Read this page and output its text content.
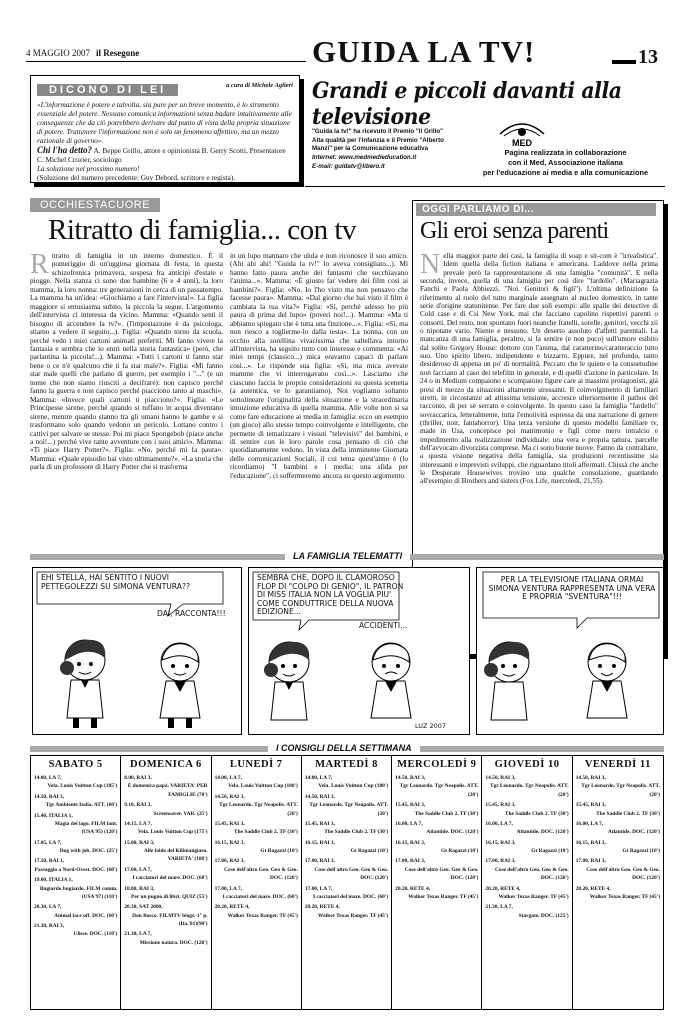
4 MAGGIO 2007 il Resegone	GUIDA LA TV!	13
Grandi e piccoli davanti alla televisione
DICONO DI LEI	a cura di Michele Aglieri

«L'informazione è potere e talvolta, sia pure per un breve momento, è lo strumento essenziale del potere. Nessuno comunica informazioni senza badare intuitivamente alle conseguenze che da ciò potrebbero derivare dal punto di vista della propria situazione di potere. Trattenere l'informazione non è solo un fenomeno affettivo, ma un mezzo razionale di governo».

Chi l'ha detto? A. Beppe Grillo, attore e opinionista B. Gerry Scotti, Presentatore C. Michel Crozier, sociologo

La soluzione nel prossimo numero!

(Soluzione del numero precedente: Guy Debord, scrittore e regista).

"Guida la tv!" ha ricevuto il Premio "Il Grillo"
Alta qualità per l'infanzia e il Premio "Alberto
Manzi" per la Comunicazione educativa
Internet: www.medmedieducation.it
E-mail: guidatv@libero.it
MED
Pagina realizzata in collaborazione
con il Med, Associazione italiana
per l'educazione ai media e alla comunicazione
OCCHIESTACUORE
Ritratto di famiglia... con tv
Ritratto di famiglia in un interno domestico. È il pomeriggio di un'uggiosa giornata di festa, in questa schizofrenica primavera, sospesa fra anticipi d'estate e piogge. Nella stanza ci sono due bambine (6 e 4 anni), la loro mamma, la loro nonna: tre generazioni in cerca di un passatempo. La mamma ha un'idea: «Giochiamo a fare l'intervista!». La figlia maggiore si entusiasma subito, la piccola la segue. L'argomento dell'intervista ci interessa da vicino. Mamma: «Quando senti il bisogno di accendere la tv?». (l'impostazione è da psicologa, stiamo a vedere il seguito...). Figlia: «Quando torno da scuola, perché vedo i miei cartoni animati preferiti. Mi fanno vivere la fantasia e sembra che io entri nella storia fantastica» (però, che parlantina la piccola!...). Mamma: «Tutti i cartoni ti fanno star bene o ce n'è qualcuno che ti fa star male?». Figlia: «Mi fanno star male quelli che parlano di guerre, per esempio i "..." (e un nome che non siamo riusciti a decifrare): non capisco perché fanno la guerra e non capisco perché piacciono tanto ai maschi». Mamma: «Invece quali cartoni ti piacciono?». Figlia: «Le Principesse sirene, perché quando si tuffano in acqua diventano sirene, mentre quando stanno tra gli umani hanno le gambe e si trasformano solo quando vedono un pericolo. Lottano contro i cattivi per salvare se stesse. Poi mi piace Spongebob (piace anche a noi!...) perché vive tante avventure con i suoi amici». Mamma: «Ti piace Harry Potter?». Figlia: «No, perché mi fa paura». Mamma: «Quale episodio hai visto ultimamente?». «La storia che parla di un professore di Harry Potter che si trasforma
in un lupo mannaro che ulula e non riconosce il suo amico. (Ahi ahi ahi! "Guida la tv!" lo aveva consigliato...). Mi hanno fatto paura anche dei fantasmi che succhiavano l'anima...». Mamma: «È giusto far vedere dei film così ai bambini?». Figlia: «No. Io l'ho visto ma non pensavo che facesse paura». Mamma: «Dal giorno che hai visto il film è cambiata la tua vita?» Figlia: «Sì, perché adesso ho più paura di prima del lupo» (poveri noi!...). Mamma: «Ma ti abbiamo spiegato che è tutta una finzione...». Figlia: «Sì, ma non riesco a toglierme-lo dalla testa». La nonna, con un occhio alla sorellina vivacissima che saltellava intorno all'intervista, ha seguito tutto con interesse e commenta: «Ai miei tempi (classico...) mica eravamo capaci di parlare così...». Le risponde sua figlia: «Sì, ma mica avevate mamme che vi interrogavano così...». Lasciamo che ciascuno faccia le proprie considerazioni su questa scenetta (a autentica, ve lo garantiamo). Noi vogliamo soltanto sottolineare l'originalità della situazione e la straordinaria intuizione educativa di quella mamma. Alle volte non si sa come fare educazione ai media in famiglia: ecco un esempio (un gioco) allo stesso tempo coinvolgente e intelligente, che permette di tematizzare i vissuti "televisivi" dei bambini, e di sentire con le loro parole cosa pensano di ciò che quotidianamente vedono. In vista della imminente Giornata delle comunicazioni Sociali, il cui tema quest'anno è (lo ricordiamo) "I bambini e i media: una sfida per l'educazione", ci soffermeremo ancora su questo argomento.
OGGI PARLIAMO DI...
Gli eroi senza parenti
Nella maggior parte dei casi, la famiglia di soap e sit-com è "irrealistica". Idem quella della fiction italiana e americana. Laddove nella prima prevale però la rappresentazione di una famiglia "comunità". E nella seconda, invece, quella di una famiglia per così dire "fardello". (Mariagrazia Fanchi e Paola Abbiezzi, "Noi. Genitori & figli"). L'ultima definizione fa riferimento al ruolo del tutto marginale assegnato al nucleo domestico, in tante serie d'origine statunitense. Per fare due soli esempi: alle spalle dei detective di Cold case e di Csi New York, mai che facciano capolino rispettivi parenti o consorti. Del resto, non spuntano fuori neanche fratelli, sorelle, genitori, vecchi zii o nipotane vario. Niente e nessuno. Un deserto assoluto d'affetti parentali. La mancanza di una famiglia, peraltro, si fa sentire (e non poco) sull'umore esibito dal solito Gregory House: dottore con l'anima, dal caratterino/caratteraccio tutto suo. Uno spirito libero, indipendente e bizzarro. Eppure, nel profondo, tanto desideroso di appena un po' di normalità. Peccato che le quiete e la consuetudine non facciano al caso dei telefilm in generale, e di quelli d'azione in particolare. In 24 o in Medium compaiono e scompaiono figure care ai massimi protagonisti, già presi di mezzo da situazioni altamente stressanti. Il coinvolgimento di familiari stretti, in circostanze ad altissima tensione, accresce ulteriormente il pathos del racconto, di per sé serrato e coinvolgente. In questo caso la famiglia "fardello" sovraccarica, letteralmente, tutta l'emotività espressa da una narrazione di genere (thriller, noir, fantahorror). Una terza versione di questo modello familiare tv, made in Usa, concepisce poi matrimonio e figli come mero intralcio e impedimento alla realizzazione individuale: una vera e propria tattura, parcelle dell'avvocato divorzista comprese. Ma ci sono buone nuove. Fanno da contraltare, a questa visione negativa della famiglia, sia produzioni recentissime sia interessanti e imprevisti sviluppi, che riguardano titoli affermati. Chissà che anche le Desperate Housewives trovino una qualche consolazione, guardando all'esempio di Brothers and sisters (Fox Life, mercoledì, 21,55).
LA FAMIGLIA TELEMATTI
EHI STELLA, HAI SENTITO I NUOVI PETTEGOLEZZI SU SIMONA VENTURA??
DAI, RACCONTA!!!
SEMBRA CHE, DOPO IL CLAMOROSO FLOP DI "COLPO DI GENIO", IL PATRON DI MISS ITALIA NON LA VOGLIA PIU' COME CONDUTTRICE DELLA NUOVA EDIZIONE...
ACCIDENTI...
LUZ 2007
PER LA TELEVISIONE ITALIANA ORMAI SIMONA VENTURA RAPPRESENTA UNA VERA E PROPRIA "SVENTURA"!!!
I CONSIGLI DELLA SETTIMANA
SABATO 5
14.00, LA 7,
Vela. Louis Vuitton Cup (185')
14.50, RAI 3,
Tgr Ambiente Italia. ATT. (60')
15.40, ITALIA 1,
Magia del lago. FILM fant. (USA'95) (120')
17.05, LA 7,
Dog with job. DOC. (25')
17.50, RAI 1,
Passaggio a Nord-Ovest. DOC. (60')
19.00, ITALIA 1,
Bugiardo bugiardo. FILM comm. (USA'97) (110')
20.30, LA 7,
Animal face off. DOC. (60')
21.30, RAI 3,
Ulisse. DOC. (110')
DOMENICA 6
8.00, RAI 3,
È domenica papà. VARIETA' PER FAMIGLIE (70')
9.10, RAI 3,
Screensaver. VAR. (25')
14.15, LA 7,
Vela. Louis Vuitton Cup (175')
15.00, RAI 3,
Alle falde del Kilimangiaro. VARIETA' (180')
17.00, LA 7,
I cacciatori del mare. DOC. (60')
18.00, RAI 3,
Per un pugno di libri. QUIZ (55')
20.30, SAT 2000,
Don Bosco. FILMTV biogr.-1° p. (Ita.'01)(90')
21.30, LA 7,
Missione natura. DOC. (120')
LUNEDÌ 7
14.00, LA 7,
Vela. Louis Vuitton Cup (180')
14.50, RAI 3,
Tgr Leonardo. Tgr Neapolis. ATT. (20')
15.45, RAI 3,
The Saddle Club 2. TF (30')
16.15, RAI 3,
Gt Ragazzi (10')
17.00, RAI 3,
Cose dell'altro Geo. Geo & Geo. DOC. (120')
17.00, LA 7,
I cacciatori del mare. DOC. (60')
20.20, RETE 4,
Walker Texas Ranger. TF (45')
MARTEDÌ 8
14.00, LA 7,
Vela. Louis Vuitton Cup (180')
14.50, RAI 3,
Tgr Leonardo. Tgr Neapolis. ATT. (20')
15.45, RAI 3,
The Saddle Club 2. TF (30')
16.15, RAI 3,
Gt Ragazzi (10')
17.00, RAI 3,
Cose dell'altro Geo. Geo & Geo. DOC. (120')
17.00, LA 7,
I cacciatori del mare. DOC. (60')
20.20, RETE 4,
Walker Texas Ranger. TF (45')
MERCOLEDÌ 9
14.50, RAI 3,
Tgr Leonardo. Tgr Neapolis. ATT. (20')
15.45, RAI 3,
The Saddle Club 2. TF (30')
16.00, LA 7,
Atlantide. DOC. (120')
16.15, RAI 3,
Gt Ragazzi (10')
17.00, RAI 3,
Cose dell'altro Geo. Geo & Geo. DOC. (120')
20.20, RETE 4,
Walker Texas Ranger. TF (45')
GIOVEDÌ 10
14.50, RAI 3,
Tgr Leonardo. Tgr Neapolis. ATT. (20')
15.45, RAI 3,
The Saddle Club 2. TF (30')
16.00, LA 7,
Atlantide. DOC. (120')
16.15, RAI 3,
Gt Ragazzi (10')
17.00, RAI 3,
Cose dell'altro Geo. Geo & Geo. DOC. (120')
20.20, RETE 4,
Walker Texas Ranger. TF (45')
21.30, LA 7,
Stargate. DOC. (125')
VENERDÌ 11
14.50, RAI 3,
Tgr Leonardo. Tgr Neapolis. ATT. (20')
15.45, RAI 3,
The Saddle Club 2. TF (30')
16.00, LA 7,
Atlantide. DOC. (120')
16.15, RAI 3,
Gt Ragazzi (10')
17.00, RAI 3,
Cose dell'altro Geo. Geo & Geo. DOC. (120')
20.20, RETE 4,
Walker Texas Ranger. TF (45')
